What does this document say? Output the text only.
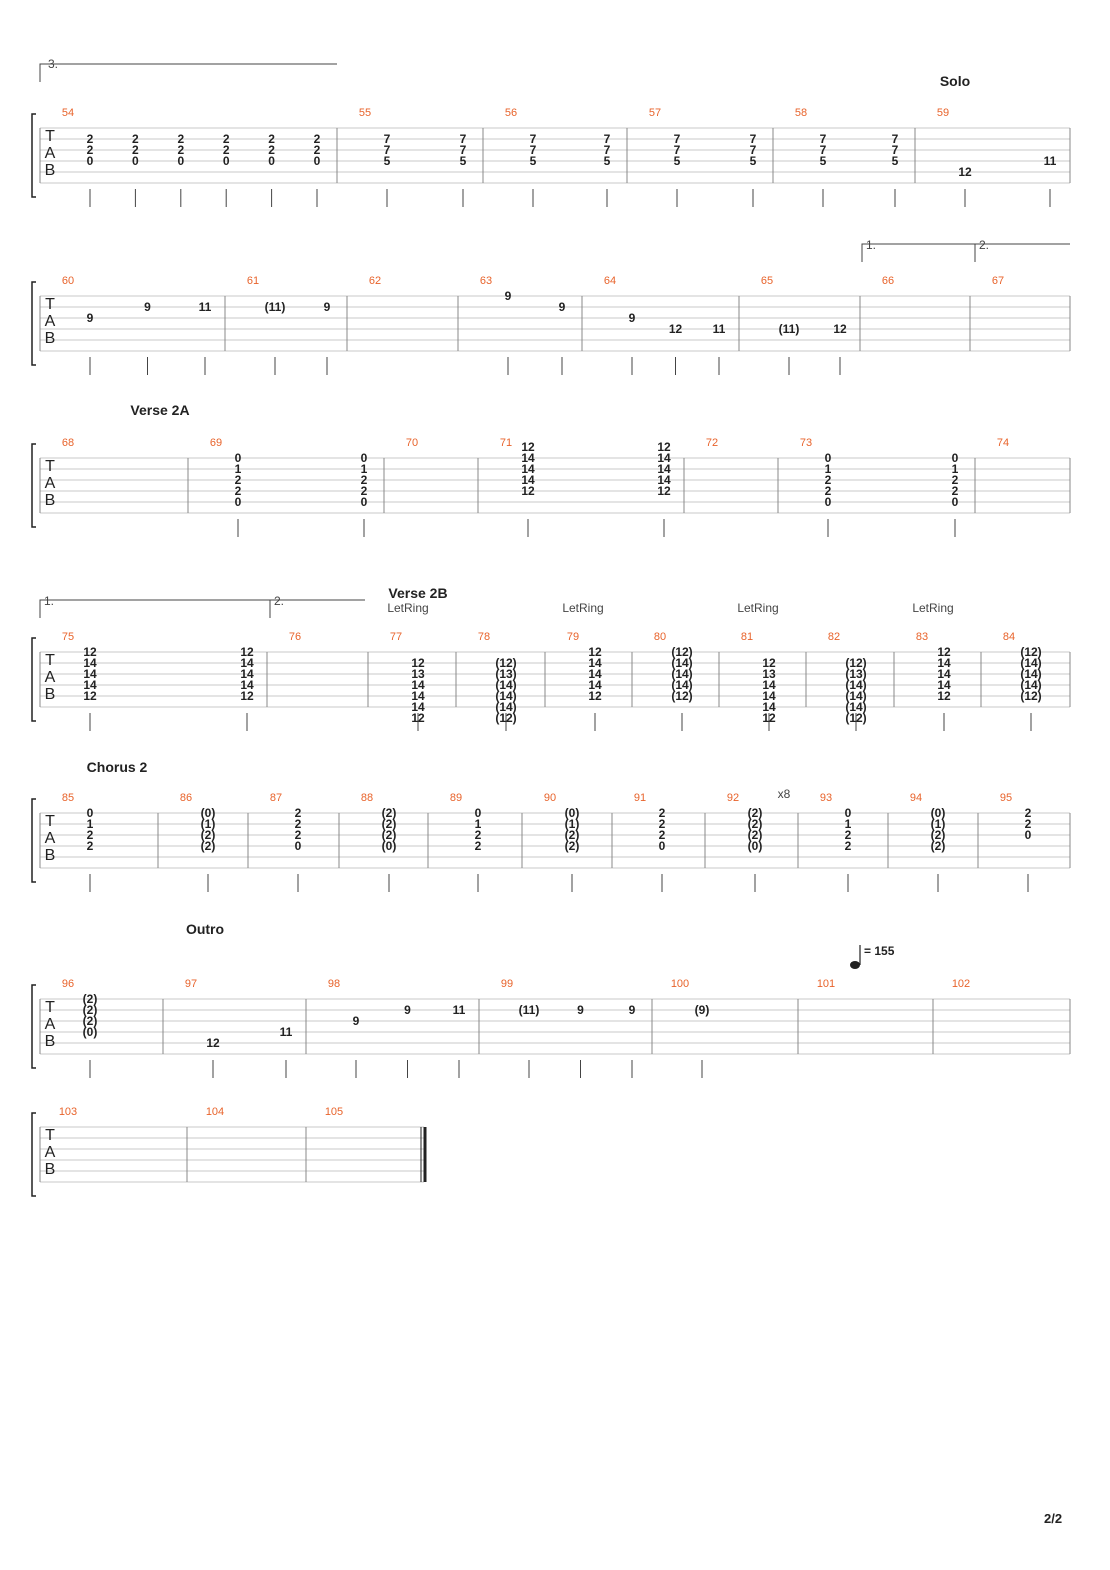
T
A
B
54
2
2
0
2
2
0
2
2
0
2
2
0
2
2
0
2
2
0
55
7
7
5
7
7
5
56
7
7
5
7
7
5
57
7
7
5
7
7
5
58
7
7
5
7
7
5
59
12
11
Solo
3.
T
A
B
60
9
9	11
61
(11)	9
62	63
9
9
64
9
12	11
65
(11)	12
66	67
1.	2.
T
A
B
68	69
0
1
2
2
0
0
1
2
2
0
70	71 12
14
14
14
12
12
14
14
14
12
72	73
0
1
2
2
0
0
1
2
2
0
74
Verse 2A
T
A
B
75
12
14
14
14
12
12
14
14
14
12
76	77
12
13
14
14
14
12
78
(12)
(13)
(14)
(14)
(14)
(12)
79
12
14
14
14
12
80
(12)
(14)
(14)
(14)
(12)
81
12
13
14
14
14
12
82
(12)
(13)
(14)
(14)
(14)
(12)
83
12
14
14
14
12
84
(12)
(14)
(14)
(14)
(12)
Verse 2B
1.	2.	LetRing	LetRing	LetRing	LetRing
T
A
B
85
0
1
2
2
86
(0)
(1)
(2)
(2)
87
2
2
2
0
88
(2)
(2)
(2)
(0)
89
0
1
2
2
90
(0)
(1)
(2)
(2)
91
2
2
2
0
92
(2)
(2)
(2)
(0)
93
0
1
2
2
94
(0)
(1)
(2)
(2)
95
2
2
0
Chorus 2
T
A
B
96
(2)
(2)
(2)
(0)
97
12
11
98
9
9	11
99
(11)	9	9
100
(9)
101	102
Outro
T
A
B
103	104	105
= 155
x8
2/2
